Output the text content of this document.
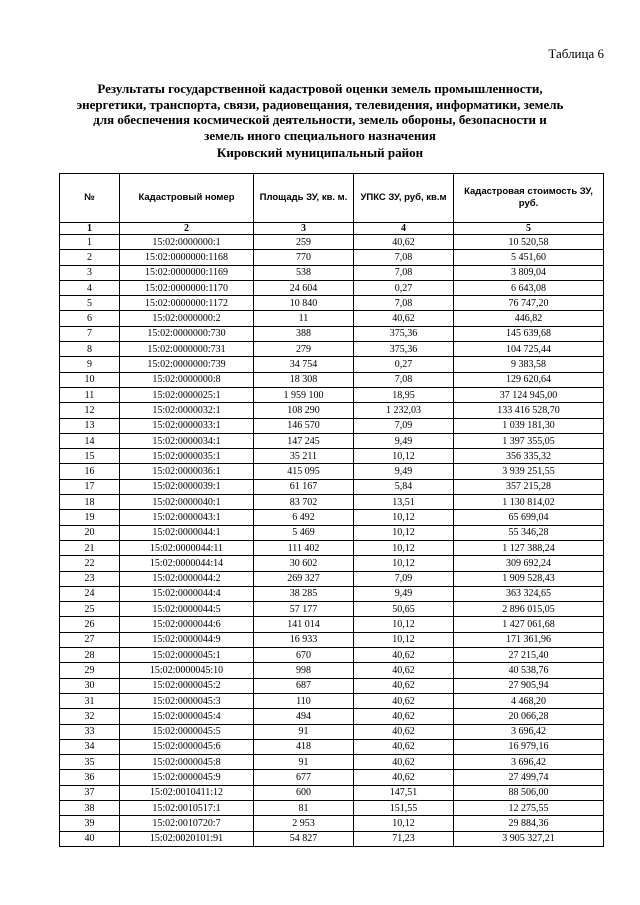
Таблица 6
Результаты государственной кадастровой оценки земель промышленности,
энергетики, транспорта, связи, радиовещания, телевидения, информатики, земель
для обеспечения космической деятельности, земель обороны, безопасности и
земель иного специального назначения
Кировский муниципальный район
№	Кадастровый номер	Площадь ЗУ, кв. м.	УПКС ЗУ, руб, кв.м	Кадастровая стоимость ЗУ, руб.
1	2	3	4	5
1	15:02:0000000:1	259	40,62	10 520,58
2	15:02:0000000:1168	770	7,08	5 451,60
3	15:02:0000000:1169	538	7,08	3 809,04
4	15:02:0000000:1170	24 604	0,27	6 643,08
5	15:02:0000000:1172	10 840	7,08	76 747,20
6	15:02:0000000:2	11	40,62	446,82
7	15:02:0000000:730	388	375,36	145 639,68
8	15:02:0000000:731	279	375,36	104 725,44
9	15:02:0000000:739	34 754	0,27	9 383,58
10	15:02:0000000:8	18 308	7,08	129 620,64
11	15:02:0000025:1	1 959 100	18,95	37 124 945,00
12	15:02:0000032:1	108 290	1 232,03	133 416 528,70
13	15:02:0000033:1	146 570	7,09	1 039 181,30
14	15:02:0000034:1	147 245	9,49	1 397 355,05
15	15:02:0000035:1	35 211	10,12	356 335,32
16	15:02:0000036:1	415 095	9,49	3 939 251,55
17	15:02:0000039:1	61 167	5,84	357 215,28
18	15:02:0000040:1	83 702	13,51	1 130 814,02
19	15:02:0000043:1	6 492	10,12	65 699,04
20	15:02:0000044:1	5 469	10,12	55 346,28
21	15:02:0000044:11	111 402	10,12	1 127 388,24
22	15:02:0000044:14	30 602	10,12	309 692,24
23	15:02:0000044:2	269 327	7,09	1 909 528,43
24	15:02:0000044:4	38 285	9,49	363 324,65
25	15:02:0000044:5	57 177	50,65	2 896 015,05
26	15:02:0000044:6	141 014	10,12	1 427 061,68
27	15:02:0000044:9	16 933	10,12	171 361,96
28	15:02:0000045:1	670	40,62	27 215,40
29	15:02:0000045:10	998	40,62	40 538,76
30	15:02:0000045:2	687	40,62	27 905,94
31	15:02:0000045:3	110	40,62	4 468,20
32	15:02:0000045:4	494	40,62	20 066,28
33	15:02:0000045:5	91	40,62	3 696,42
34	15:02:0000045:6	418	40,62	16 979,16
35	15:02:0000045:8	91	40,62	3 696,42
36	15:02:0000045:9	677	40,62	27 499,74
37	15:02:0010411:12	600	147,51	88 506,00
38	15:02:0010517:1	81	151,55	12 275,55
39	15:02:0010720:7	2 953	10,12	29 884,36
40	15:02:0020101:91	54 827	71,23	3 905 327,21
